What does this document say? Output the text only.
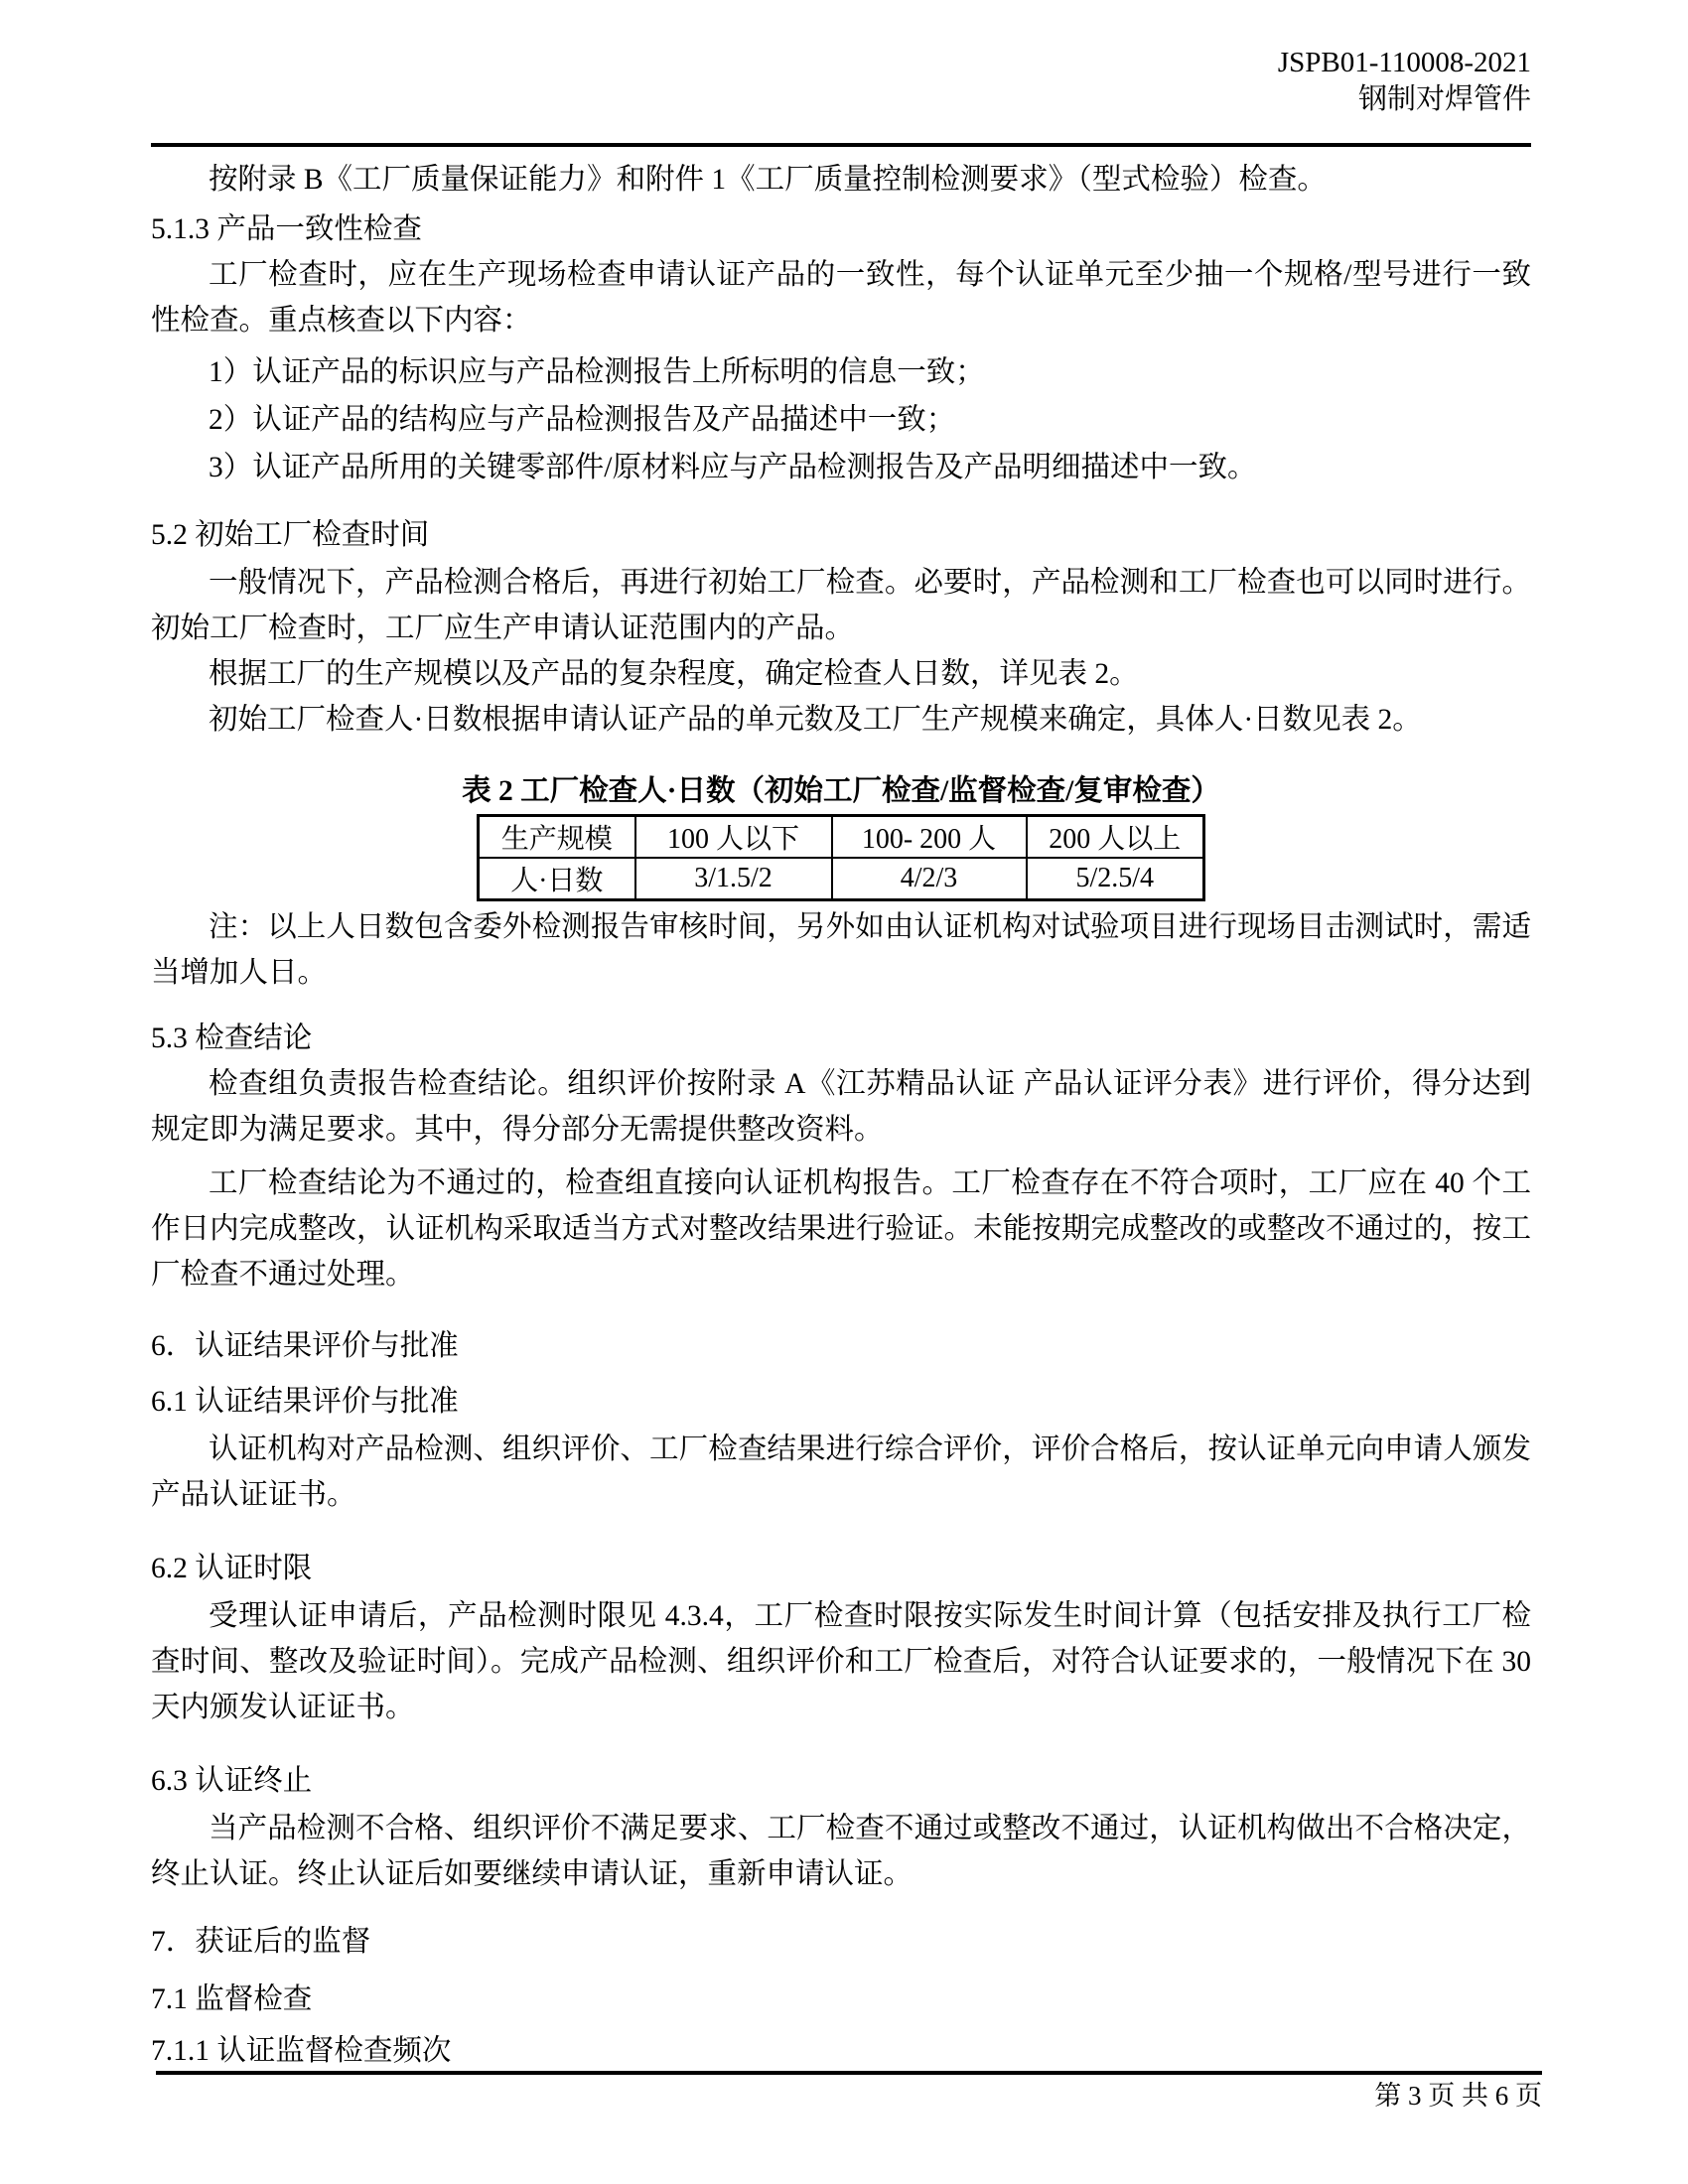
JSPB01-110008-2021
钢制对焊管件

按附录 B《工厂质量保证能力》和附件 1《工厂质量控制检测要求》（型式检验）检查。

5.1.3 产品一致性检查

工厂检查时，应在生产现场检查申请认证产品的一致性，每个认证单元至少抽一个规格/型号进行一致性检查。重点核查以下内容：

1）认证产品的标识应与产品检测报告上所标明的信息一致；

2）认证产品的结构应与产品检测报告及产品描述中一致；

3）认证产品所用的关键零部件/原材料应与产品检测报告及产品明细描述中一致。

5.2 初始工厂检查时间

一般情况下，产品检测合格后，再进行初始工厂检查。必要时，产品检测和工厂检查也可以同时进行。初始工厂检查时，工厂应生产申请认证范围内的产品。

根据工厂的生产规模以及产品的复杂程度，确定检查人日数，详见表 2。

初始工厂检查人·日数根据申请认证产品的单元数及工厂生产规模来确定，具体人·日数见表 2。

表 2 工厂检查人·日数（初始工厂检查/监督检查/复审检查）
生产规模	100 人以下	100- 200 人	200 人以上
人·日数	3/1.5/2	4/2/3	5/2.5/4

注：以上人日数包含委外检测报告审核时间，另外如由认证机构对试验项目进行现场目击测试时，需适当增加人日。

5.3 检查结论

检查组负责报告检查结论。组织评价按附录 A《江苏精品认证 产品认证评分表》进行评价，得分达到规定即为满足要求。其中，得分部分无需提供整改资料。

工厂检查结论为不通过的，检查组直接向认证机构报告。工厂检查存在不符合项时，工厂应在 40 个工作日内完成整改，认证机构采取适当方式对整改结果进行验证。未能按期完成整改的或整改不通过的，按工厂检查不通过处理。

6．认证结果评价与批准
6.1 认证结果评价与批准

认证机构对产品检测、组织评价、工厂检查结果进行综合评价，评价合格后，按认证单元向申请人颁发产品认证证书。

6.2 认证时限

受理认证申请后，产品检测时限见 4.3.4，工厂检查时限按实际发生时间计算（包括安排及执行工厂检查时间、整改及验证时间）。完成产品检测、组织评价和工厂检查后，对符合认证要求的，一般情况下在 30 天内颁发认证证书。

6.3 认证终止

当产品检测不合格、组织评价不满足要求、工厂检查不通过或整改不通过，认证机构做出不合格决定，终止认证。终止认证后如要继续申请认证，重新申请认证。

7．获证后的监督
7.1 监督检查
7.1.1 认证监督检查频次
第 3 页 共 6 页
